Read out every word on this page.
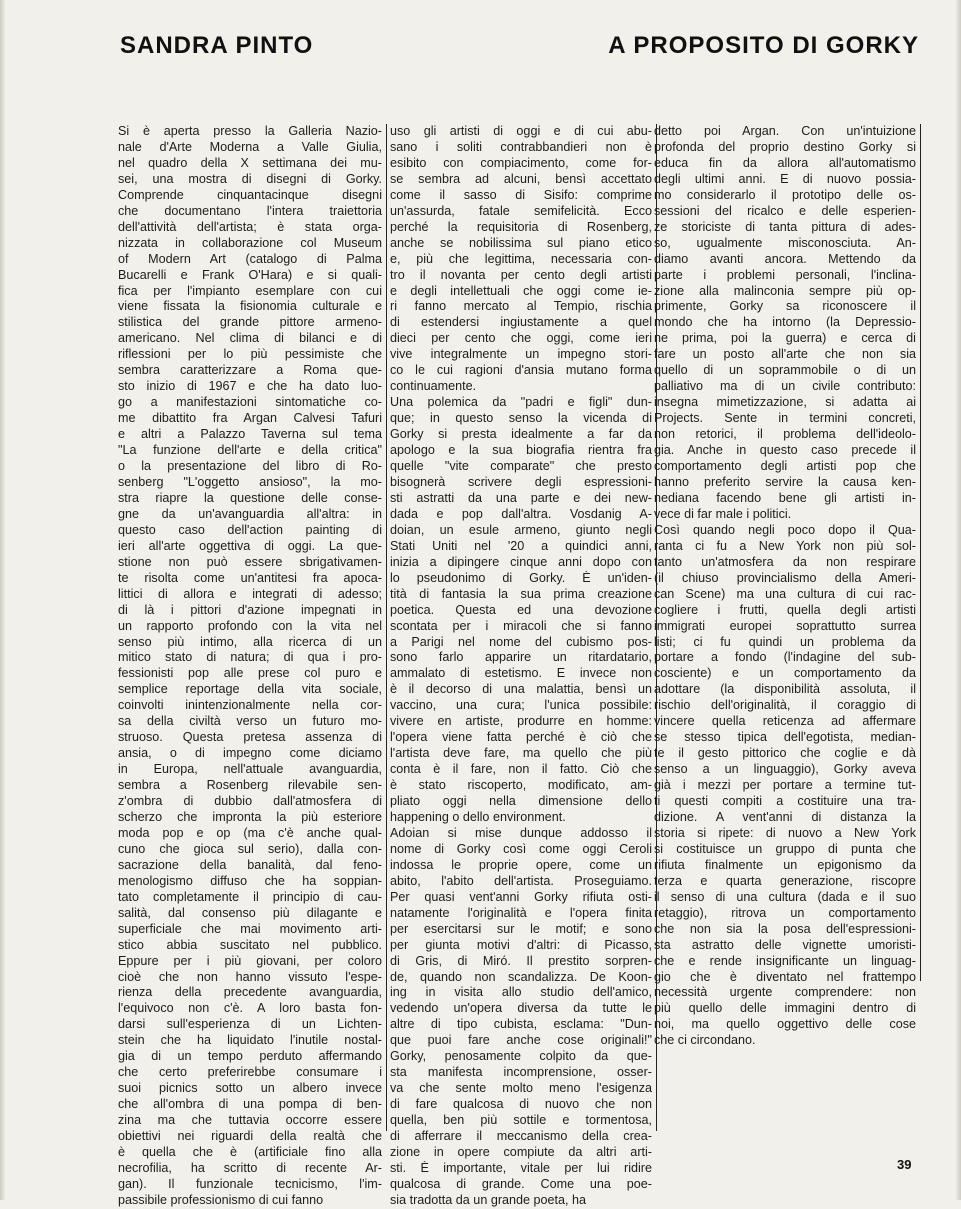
SANDRA PINTO	A PROPOSITO DI GORKY
Si è aperta presso la Galleria Nazio-
nale d'Arte Moderna a Valle Giulia,
nel quadro della X settimana dei mu-
sei, una mostra di disegni di Gorky.
Comprende cinquantacinque disegni
che documentano l'intera traiettoria
dell'attività dell'artista; è stata orga-
nizzata in collaborazione col Museum
of Modern Art (catalogo di Palma
Bucarelli e Frank O'Hara) e si quali-
fica per l'impianto esemplare con cui
viene fissata la fisionomia culturale e
stilistica del grande pittore armeno-
americano. Nel clima di bilanci e di
riflessioni per lo più pessimiste che
sembra caratterizzare a Roma que-
sto inizio di 1967 e che ha dato luo-
go a manifestazioni sintomatiche co-
me dibattito fra Argan Calvesi Tafuri
e altri a Palazzo Taverna sul tema
"La funzione dell'arte e della critica"
o la presentazione del libro di Ro-
senberg "L'oggetto ansioso", la mo-
stra riapre la questione delle conse-
gne da un'avanguardia all'altra: in
questo caso dell'action painting di
ieri all'arte oggettiva di oggi. La que-
stione non può essere sbrigativamen-
te risolta come un'antitesi fra apoca-
littici di allora e integrati di adesso;
di là i pittori d'azione impegnati in
un rapporto profondo con la vita nel
senso più intimo, alla ricerca di un
mitico stato di natura; di qua i pro-
fessionisti pop alle prese col puro e
semplice reportage della vita sociale,
coinvolti inintenzionalmente nella cor-
sa della civiltà verso un futuro mo-
struoso. Questa pretesa assenza di
ansia, o di impegno come diciamo
in Europa, nell'attuale avanguardia,
sembra a Rosenberg rilevabile sen-
z'ombra di dubbio dall'atmosfera di
scherzo che impronta la più esteriore
moda pop e op (ma c'è anche qual-
cuno che gioca sul serio), dalla con-
sacrazione della banalità, dal feno-
menologismo diffuso che ha soppian-
tato completamente il principio di cau-
salità, dal consenso più dilagante e
superficiale che mai movimento arti-
stico abbia suscitato nel pubblico.
Eppure per i più giovani, per coloro
cioè che non hanno vissuto l'espe-
rienza della precedente avanguardia,
l'equivoco non c'è. A loro basta fon-
darsi sull'esperienza di un Lichten-
stein che ha liquidato l'inutile nostal-
gia di un tempo perduto affermando
che certo preferirebbe consumare i
suoi picnics sotto un albero invece
che all'ombra di una pompa di ben-
zina ma che tuttavia occorre essere
obiettivi nei riguardi della realtà che
è quella che è (artificiale fino alla
necrofilia, ha scritto di recente Ar-
gan). Il funzionale tecnicismo, l'im-
passibile professionismo di cui fanno
uso gli artisti di oggi e di cui abu-
sano i soliti contrabbandieri non è
esibito con compiacimento, come for-
se sembra ad alcuni, bensì accettato
come il sasso di Sisifo: comprime
un'assurda, fatale semifelicità. Ecco
perché la requisitoria di Rosenberg,
anche se nobilissima sul piano etico
e, più che legittima, necessaria con-
tro il novanta per cento degli artisti
e degli intellettuali che oggi come ie-
ri fanno mercato al Tempio, rischia
di estendersi ingiustamente a quel
dieci per cento che oggi, come ieri
vive integralmente un impegno stori-
co le cui ragioni d'ansia mutano forma
continuamente.
Una polemica da "padri e figli" dun-
que; in questo senso la vicenda di
Gorky si presta idealmente a far da
apologo e la sua biografia rientra fra
quelle "vite comparate" che presto
bisognerà scrivere degli espressioni-
sti astratti da una parte e dei new-
dada e pop dall'altra. Vosdanig A-
doian, un esule armeno, giunto negli
Stati Uniti nel '20 a quindici anni,
inizia a dipingere cinque anni dopo con
lo pseudonimo di Gorky. È un'iden-
tità di fantasia la sua prima creazione
poetica. Questa ed una devozione
scontata per i miracoli che si fanno
a Parigi nel nome del cubismo pos-
sono farlo apparire un ritardatario,
ammalato di estetismo. E invece non
è il decorso di una malattia, bensì un
vaccino, una cura; l'unica possibile:
vivere en artiste, produrre en homme:
l'opera viene fatta perché è ciò che
l'artista deve fare, ma quello che più
conta è il fare, non il fatto. Ciò che
è stato riscoperto, modificato, am-
pliato oggi nella dimensione dello
happening o dello environment.
Adoian si mise dunque addosso il
nome di Gorky così come oggi Ceroli
indossa le proprie opere, come un
abito, l'abito dell'artista. Proseguiamo.
Per quasi vent'anni Gorky rifiuta osti-
natamente l'originalità e l'opera finita
per esercitarsi sur le motif; e sono
per giunta motivi d'altri: di Picasso,
di Gris, di Miró. Il prestito sorpren-
de, quando non scandalizza. De Koon-
ing in visita allo studio dell'amico,
vedendo un'opera diversa da tutte le
altre di tipo cubista, esclama: "Dun-
que puoi fare anche cose originali!"
Gorky, penosamente colpito da que-
sta manifesta incomprensione, osser-
va che sente molto meno l'esigenza
di fare qualcosa di nuovo che non
quella, ben più sottile e tormentosa,
di afferrare il meccanismo della crea-
zione in opere compiute da altri arti-
sti. È importante, vitale per lui ridire
qualcosa di grande. Come una poe-
sia tradotta da un grande poeta, ha
detto poi Argan. Con un'intuizione
profonda del proprio destino Gorky si
educa fin da allora all'automatismo
degli ultimi anni. E di nuovo possia-
mo considerarlo il prototipo delle os-
sessioni del ricalco e delle esperien-
ze storiciste di tanta pittura di ades-
so, ugualmente misconosciuta. An-
diamo avanti ancora. Mettendo da
parte i problemi personali, l'inclina-
zione alla malinconia sempre più op-
primente, Gorky sa riconoscere il
mondo che ha intorno (la Depressio-
ne prima, poi la guerra) e cerca di
fare un posto all'arte che non sia
quello di un soprammobile o di un
palliativo ma di un civile contributo:
insegna mimetizzazione, si adatta ai
Projects. Sente in termini concreti,
non retorici, il problema dell'ideolo-
gia. Anche in questo caso precede il
comportamento degli artisti pop che
hanno preferito servire la causa ken-
nediana facendo bene gli artisti in-
vece di far male i politici.
Così quando negli poco dopo il Qua-
ranta ci fu a New York non più sol-
tanto un'atmosfera da non respirare
(il chiuso provincialismo della Ameri-
can Scene) ma una cultura di cui rac-
cogliere i frutti, quella degli artisti
immigrati europei soprattutto surrea
listi; ci fu quindi un problema da
portare a fondo (l'indagine del sub-
cosciente) e un comportamento da
adottare (la disponibilità assoluta, il
rischio dell'originalità, il coraggio di
vincere quella reticenza ad affermare
se stesso tipica dell'egotista, median-
te il gesto pittorico che coglie e dà
senso a un linguaggio), Gorky aveva
già i mezzi per portare a termine tut-
ti questi compiti a costituire una tra-
dizione. A vent'anni di distanza la
storia si ripete: di nuovo a New York
si costituisce un gruppo di punta che
rifiuta finalmente un epigonismo da
terza e quarta generazione, riscopre
il senso di una cultura (dada e il suo
retaggio), ritrova un comportamento
che non sia la posa dell'espressioni-
sta astratto delle vignette umoristi-
che e rende insignificante un linguag-
gio che è diventato nel frattempo
necessità urgente comprendere: non
più quello delle immagini dentro di
noi, ma quello oggettivo delle cose
che ci circondano.
39
